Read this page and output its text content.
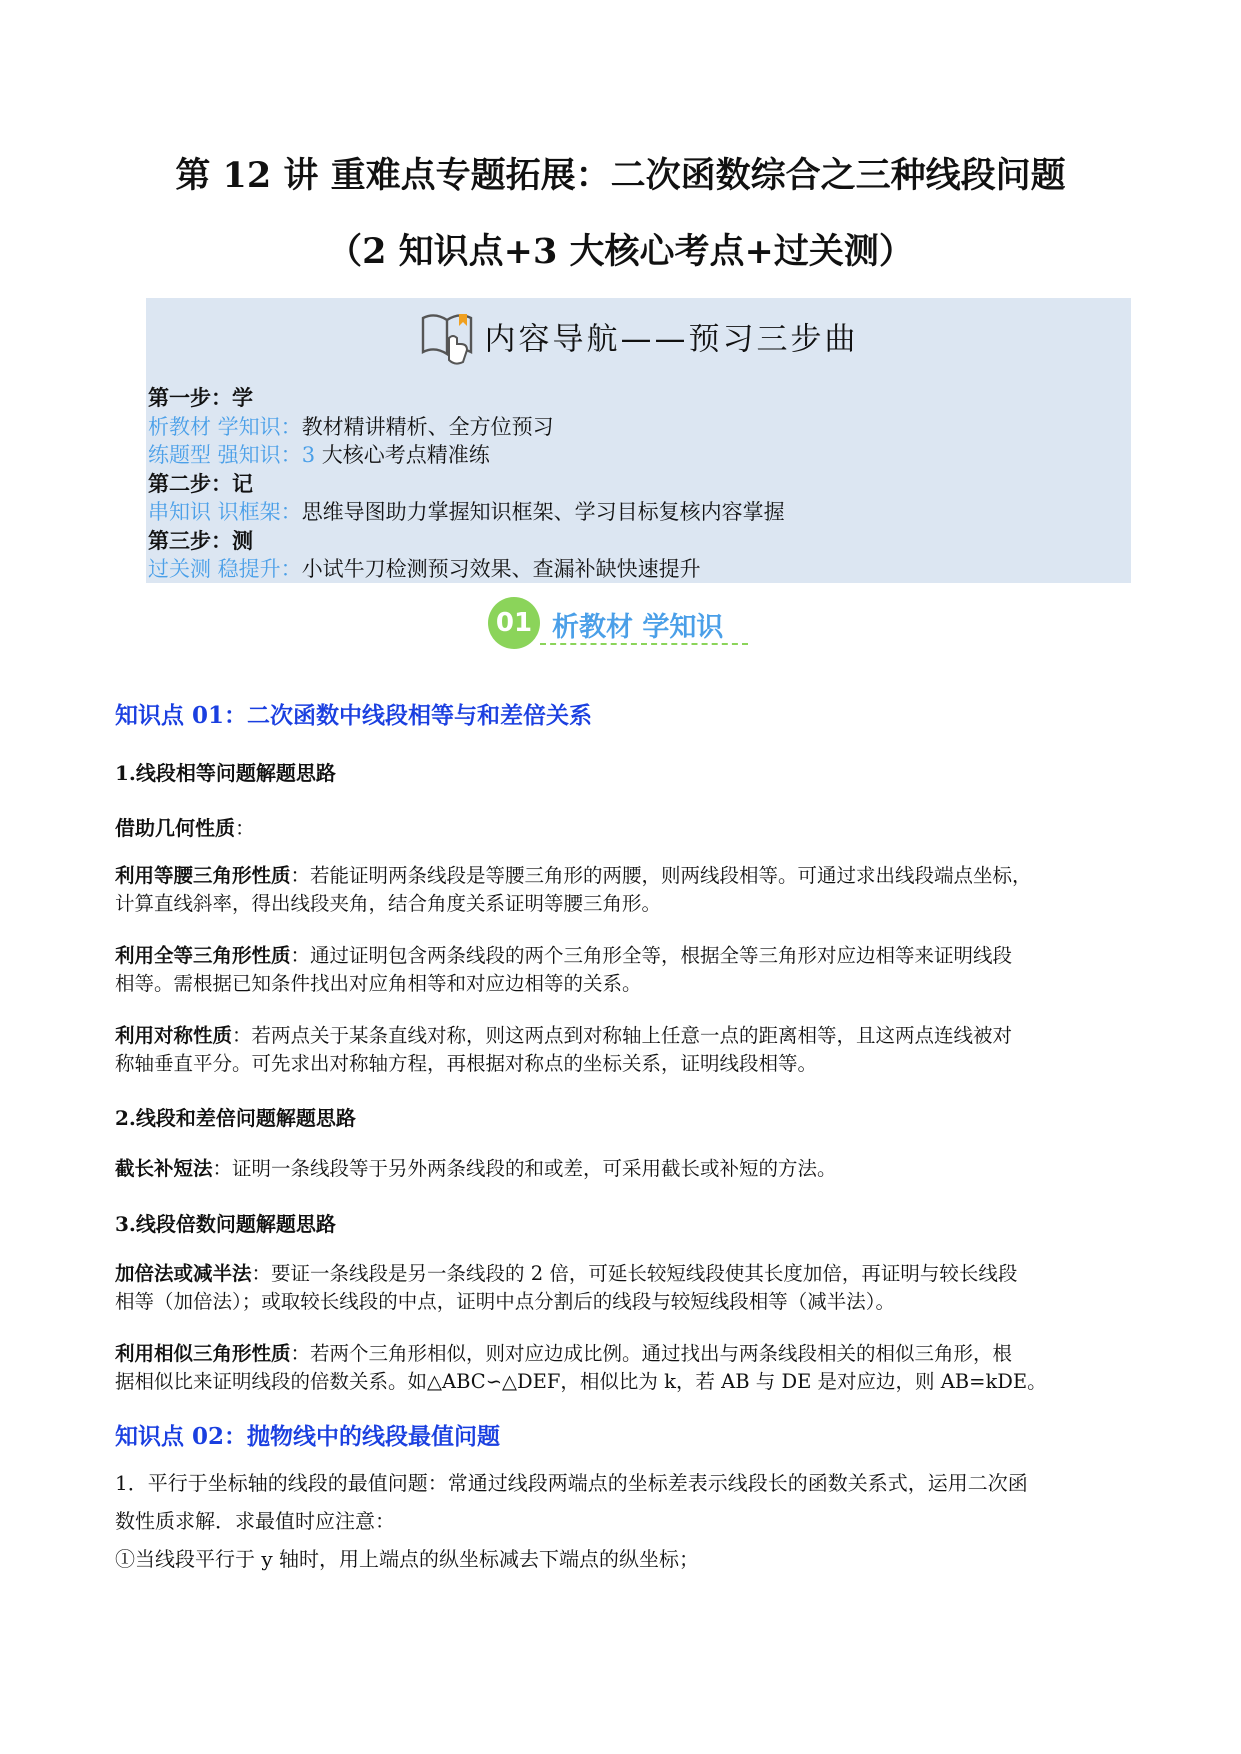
第 12 讲 重难点专题拓展：二次函数综合之三种线段问题
（2 知识点+3 大核心考点+过关测）
内容导航——预习三步曲
第一步：学
析教材 学知识：教材精讲精析、全方位预习
练题型 强知识：3 大核心考点精准练
第二步：记
串知识 识框架：思维导图助力掌握知识框架、学习目标复核内容掌握
第三步：测
过关测 稳提升：小试牛刀检测预习效果、查漏补缺快速提升
01 析教材 学知识
知识点 01：二次函数中线段相等与和差倍关系
1.线段相等问题解题思路
借助几何性质：
利用等腰三角形性质：若能证明两条线段是等腰三角形的两腰，则两线段相等。可通过求出线段端点坐标，
计算直线斜率，得出线段夹角，结合角度关系证明等腰三角形。
利用全等三角形性质：通过证明包含两条线段的两个三角形全等，根据全等三角形对应边相等来证明线段
相等。需根据已知条件找出对应角相等和对应边相等的关系。
利用对称性质：若两点关于某条直线对称，则这两点到对称轴上任意一点的距离相等，且这两点连线被对
称轴垂直平分。可先求出对称轴方程，再根据对称点的坐标关系，证明线段相等。
2.线段和差倍问题解题思路
截长补短法：证明一条线段等于另外两条线段的和或差，可采用截长或补短的方法。
3.线段倍数问题解题思路
加倍法或减半法：要证一条线段是另一条线段的 2 倍，可延长较短线段使其长度加倍，再证明与较长线段
相等（加倍法）；或取较长线段的中点，证明中点分割后的线段与较短线段相等（减半法）。
利用相似三角形性质：若两个三角形相似，则对应边成比例。通过找出与两条线段相关的相似三角形，根
据相似比来证明线段的倍数关系。如△ABC∽△DEF，相似比为 k，若 AB 与 DE 是对应边，则 AB=kDE。
知识点 02：抛物线中的线段最值问题
1．平行于坐标轴的线段的最值问题：常通过线段两端点的坐标差表示线段长的函数关系式，运用二次函
数性质求解．求最值时应注意：
①当线段平行于 y 轴时，用上端点的纵坐标减去下端点的纵坐标；
